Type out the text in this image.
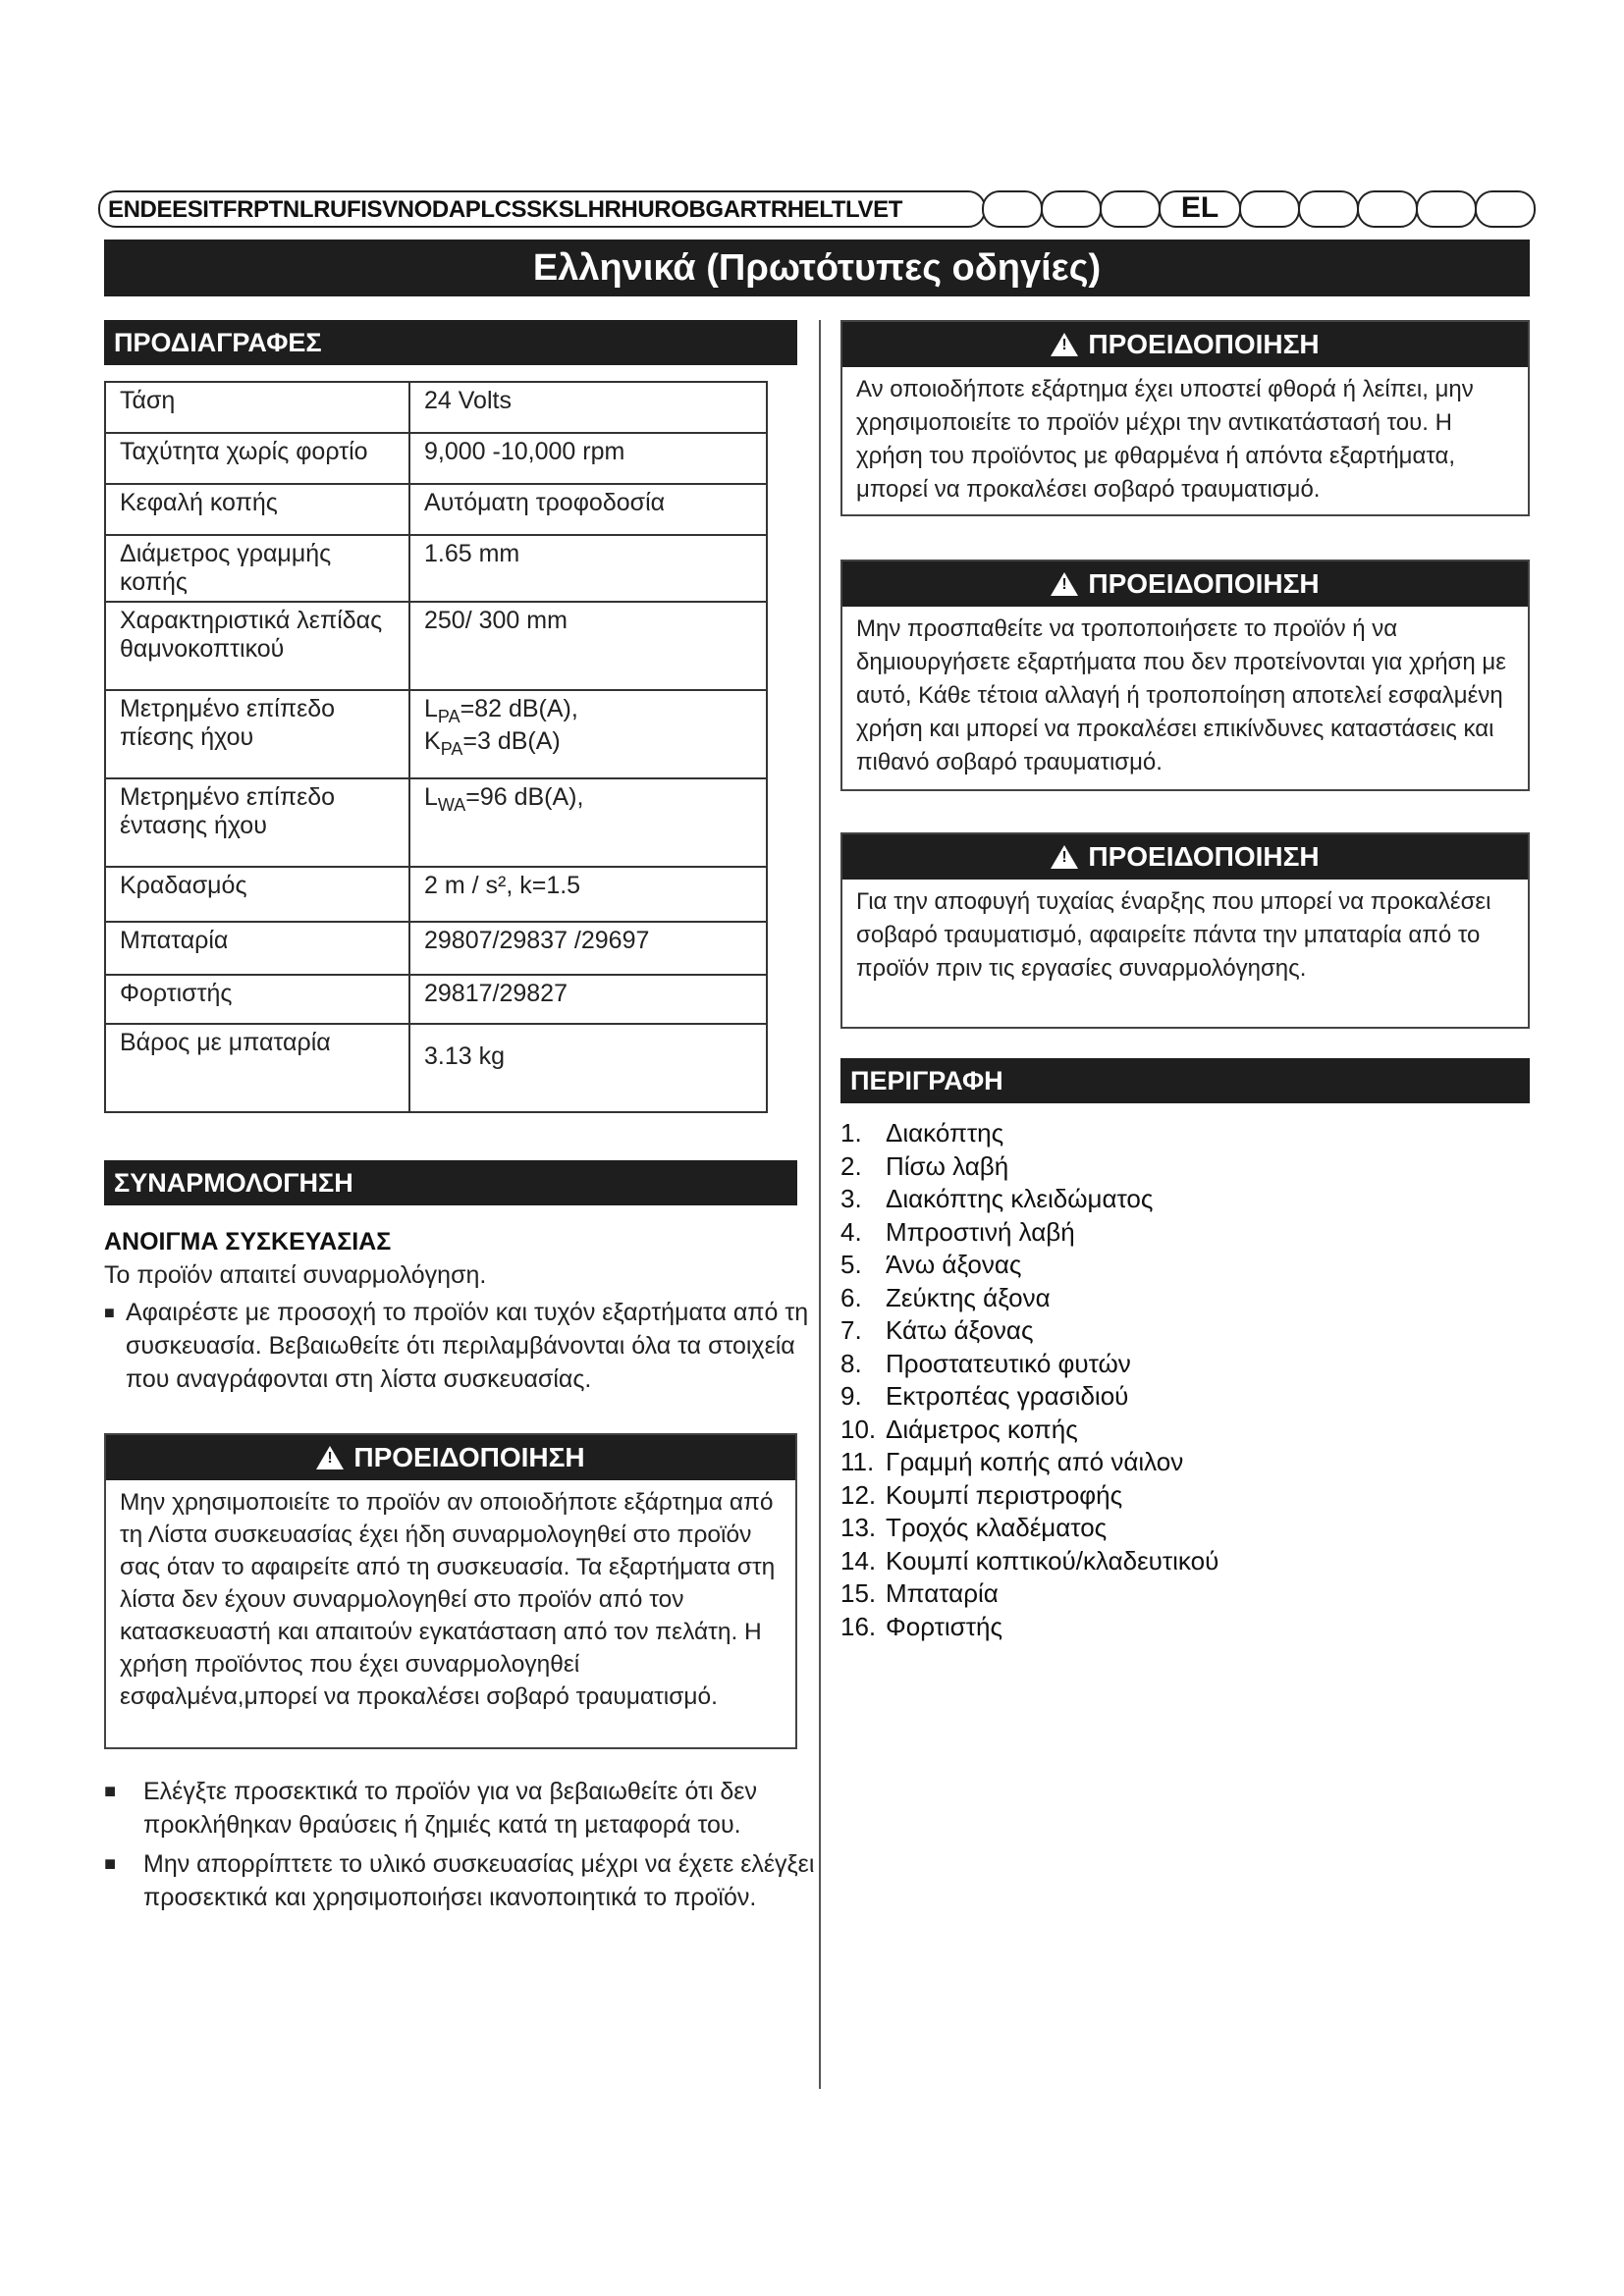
ENDEESITFRPTNLRUFISVNODAPLCSSKSLHRHUROBGARTRHELTLVET	EL
Ελληνικά (Πρωτότυπες οδηγίες)
ΠΡΟΔΙΑΓΡΑΦΕΣ
Τάση	24 Volts
Ταχύτητα χωρίς φορτίο	9,000 -10,000 rpm
Κεφαλή κοπής	Αυτόματη τροφοδοσία
Διάμετρος γραμμής κοπής	1.65 mm
Χαρακτηριστικά λεπίδας θαμνοκοπτικού	250/ 300 mm
Μετρημένο επίπεδο πίεσης ήχου	$L_{PA}=82$ dB(A),
$K_{PA}=3$ dB(A)

Μετρημένο επίπεδο έντασης ήχου	$L_{WA}=96$ dB(A),
Κραδασμός	2 m / s², k=1.5
Μπαταρία	29807/29837 /29697
Φορτιστής	29817/29827
Βάρος με μπαταρία	3.13 kg
ΣΥΝΑΡΜΟΛΟΓΗΣΗ
ΑΝΟΙΓΜΑ ΣΥΣΚΕΥΑΣΙΑΣ
Το προϊόν απαιτεί συναρμολόγηση.
■ Αφαιρέστε με προσοχή το προϊόν και τυχόν εξαρτήματα από τη συσκευασία. Βεβαιωθείτε ότι περιλαμβάνονται όλα τα στοιχεία που αναγράφονται στη λίστα συσκευασίας.
!ΠΡΟΕΙΔΟΠΟΙΗΣΗ
Μην χρησιμοποιείτε το προϊόν αν οποιοδήποτε εξάρτημα από τη Λίστα συσκευασίας έχει ήδη συναρμολογηθεί στο προϊόν σας όταν το αφαιρείτε από τη συσκευασία. Τα εξαρτήματα στη λίστα δεν έχουν συναρμολογηθεί στο προϊόν από τον κατασκευαστή και απαιτούν εγκατάσταση από τον πελάτη. Η χρήση προϊόντος που έχει συναρμολογηθεί εσφαλμένα,μπορεί να προκαλέσει σοβαρό τραυματισμό.
■	Ελέγξτε προσεκτικά το προϊόν για να βεβαιωθείτε ότι δεν προκλήθηκαν θραύσεις ή ζημιές κατά τη μεταφορά του.
■	Μην απορρίπτετε το υλικό συσκευασίας μέχρι να έχετε ελέγξει προσεκτικά και χρησιμοποιήσει ικανοποιητικά το προϊόν.
!ΠΡΟΕΙΔΟΠΟΙΗΣΗ
Αν οποιοδήποτε εξάρτημα έχει υποστεί φθορά ή λείπει, μην χρησιμοποιείτε το προϊόν μέχρι την αντικατάστασή του. Η χρήση του προϊόντος με φθαρμένα ή απόντα εξαρτήματα, μπορεί να προκαλέσει σοβαρό τραυματισμό.
!ΠΡΟΕΙΔΟΠΟΙΗΣΗ
Μην προσπαθείτε να τροποποιήσετε το προϊόν ή να δημιουργήσετε εξαρτήματα που δεν προτείνονται για χρήση με αυτό, Κάθε τέτοια αλλαγή ή τροποποίηση αποτελεί εσφαλμένη χρήση και μπορεί να προκαλέσει επικίνδυνες καταστάσεις και πιθανό σοβαρό τραυματισμό.
!ΠΡΟΕΙΔΟΠΟΙΗΣΗ
Για την αποφυγή τυχαίας έναρξης που μπορεί να προκαλέσει σοβαρό τραυματισμό, αφαιρείτε πάντα την μπαταρία από το προϊόν πριν τις εργασίες συναρμολόγησης.
ΠΕΡΙΓΡΑΦΗ
1. Διακόπτης
2. Πίσω λαβή
3. Διακόπτης κλειδώματος
4. Μπροστινή λαβή
5. Άνω άξονας
6. Ζεύκτης άξονα
7. Κάτω άξονας
8. Προστατευτικό φυτών
9. Εκτροπέας γρασιδιού
10. Διάμετρος κοπής
11. Γραμμή κοπής από νάιλον
12. Κουμπί περιστροφής
13. Τροχός κλαδέματος
14. Κουμπί κοπτικού/κλαδευτικού
15. Μπαταρία
16. Φορτιστής
